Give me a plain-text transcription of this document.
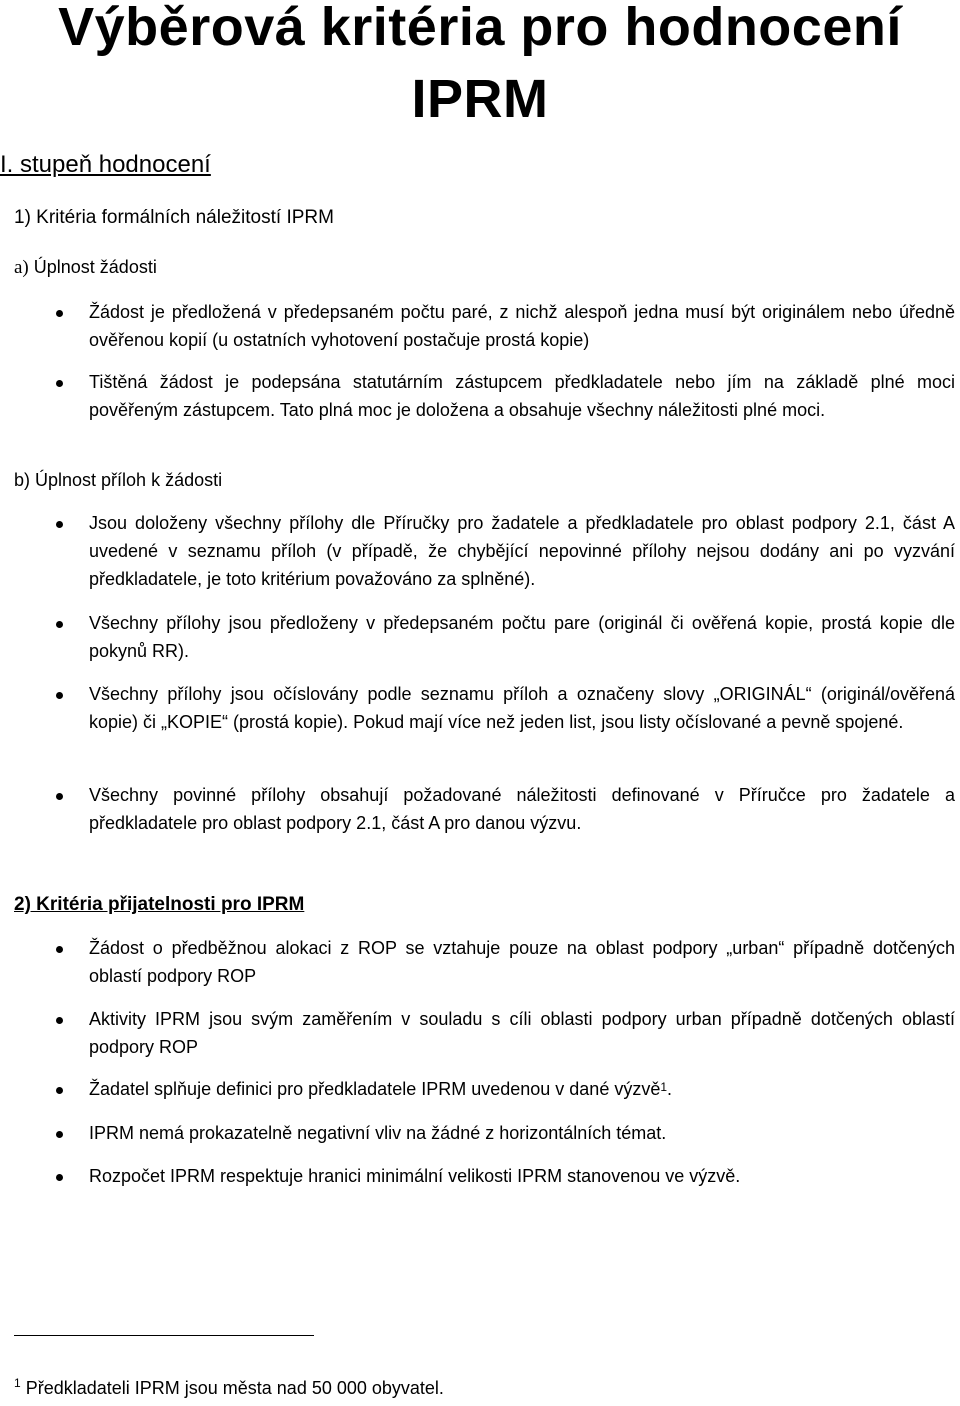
Výběrová kritéria pro hodnocení
IPRM
I. stupeň hodnocení
1) Kritéria formálních náležitostí IPRM
a) Úplnost žádosti
Žádost je předložená v předepsaném počtu paré, z nichž alespoň jedna musí být originálem nebo úředně ověřenou kopií (u ostatních vyhotovení postačuje prostá kopie)
Tištěná žádost je podepsána statutárním zástupcem předkladatele nebo jím na základě plné moci pověřeným zástupcem. Tato plná moc je doložena a obsahuje všechny náležitosti plné moci.
b) Úplnost příloh k žádosti
Jsou doloženy všechny přílohy dle Příručky pro žadatele a předkladatele pro oblast podpory 2.1, část A uvedené v seznamu příloh (v případě, že chybějící nepovinné přílohy nejsou dodány ani po vyzvání předkladatele, je toto kritérium považováno za splněné).
Všechny přílohy jsou předloženy v předepsaném počtu pare (originál či ověřená kopie, prostá kopie dle pokynů RR).
Všechny přílohy jsou očíslovány podle seznamu příloh a označeny slovy „ORIGINÁL“ (originál/ověřená kopie) či „KOPIE“ (prostá kopie). Pokud mají více než jeden list, jsou listy očíslované a pevně spojené.
Všechny povinné přílohy obsahují požadované náležitosti definované v Příručce pro žadatele a předkladatele pro oblast podpory 2.1, část A pro danou výzvu.
2) Kritéria přijatelnosti pro IPRM
Žádost o předběžnou alokaci z ROP se vztahuje pouze na oblast podpory „urban“ případně dotčených oblastí podpory ROP
Aktivity IPRM jsou svým zaměřením v souladu s cíli oblasti podpory urban případně dotčených oblastí podpory ROP
Žadatel splňuje definici pro předkladatele IPRM uvedenou v dané výzvě$^1$.
IPRM nemá prokazatelně negativní vliv na žádné z horizontálních témat.
Rozpočet IPRM respektuje hranici minimální velikosti IPRM stanovenou ve výzvě.
$^1$ Předkladateli IPRM jsou města nad 50 000 obyvatel.
